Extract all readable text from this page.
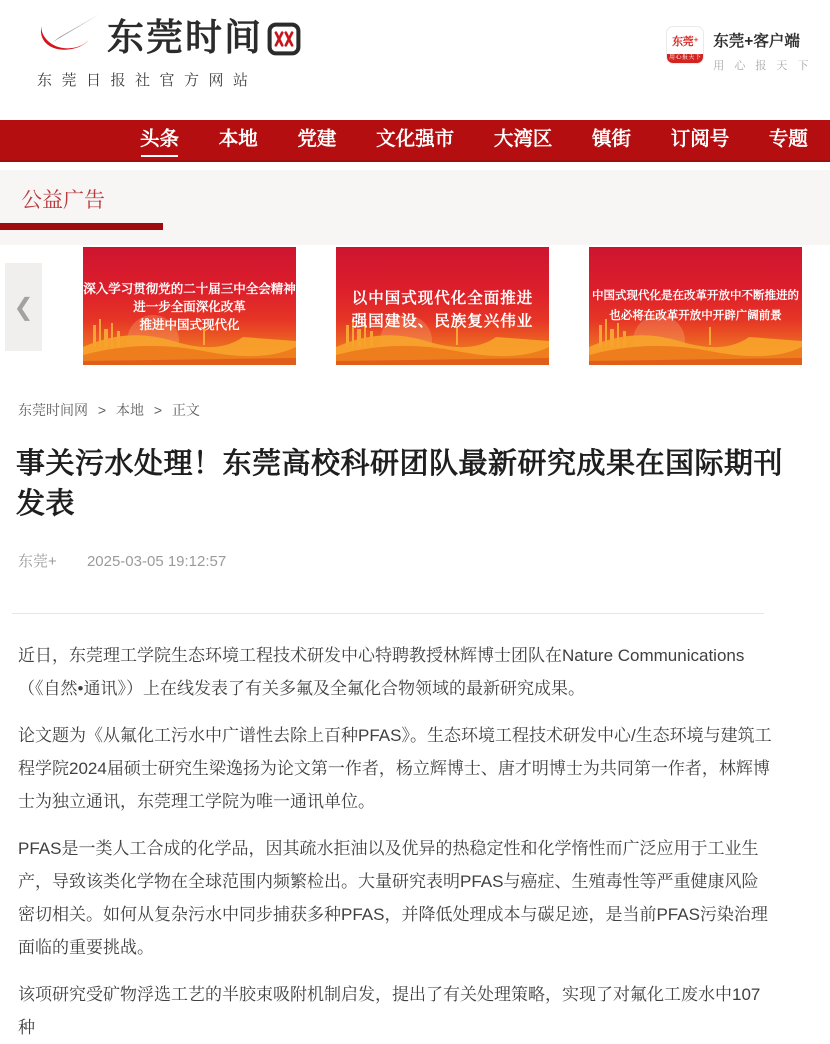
东莞时间
东莞日报社官方网站
东莞⁺
用心报天下
东莞+客户端
用 心 报 天 下
头条 本地 党建 文化强市 大湾区 镇街 订阅号 专题
公益广告
❮
深入学习贯彻党的二十届三中全会精神
进一步全面深化改革
推进中国式现代化
以中国式现代化全面推进
强国建设、民族复兴伟业
中国式现代化是在改革开放中不断推进的
也必将在改革开放中开辟广阔前景
东莞时间网 > 本地 > 正文
事关污水处理！东莞高校科研团队最新研究成果在国际期刊发表
东莞+ 2025-03-05 19:12:57

近日，东莞理工学院生态环境工程技术研发中心特聘教授林辉博士团队在Nature Communications（《自然•通讯》）上在线发表了有关多氟及全氟化合物领域的最新研究成果。

论文题为《从氟化工污水中广谱性去除上百种PFAS》。生态环境工程技术研发中心/生态环境与建筑工程学院2024届硕士研究生梁逸扬为论文第一作者，杨立辉博士、唐才明博士为共同第一作者，林辉博士为独立通讯，东莞理工学院为唯一通讯单位。

PFAS是一类人工合成的化学品，因其疏水拒油以及优异的热稳定性和化学惰性而广泛应用于工业生产，导致该类化学物在全球范围内频繁检出。大量研究表明PFAS与癌症、生殖毒性等严重健康风险密切相关。如何从复杂污水中同步捕获多种PFAS，并降低处理成本与碳足迹，是当前PFAS污染治理面临的重要挑战。

该项研究受矿物浮选工艺的半胶束吸附机制启发，提出了有关处理策略，实现了对氟化工废水中107种
